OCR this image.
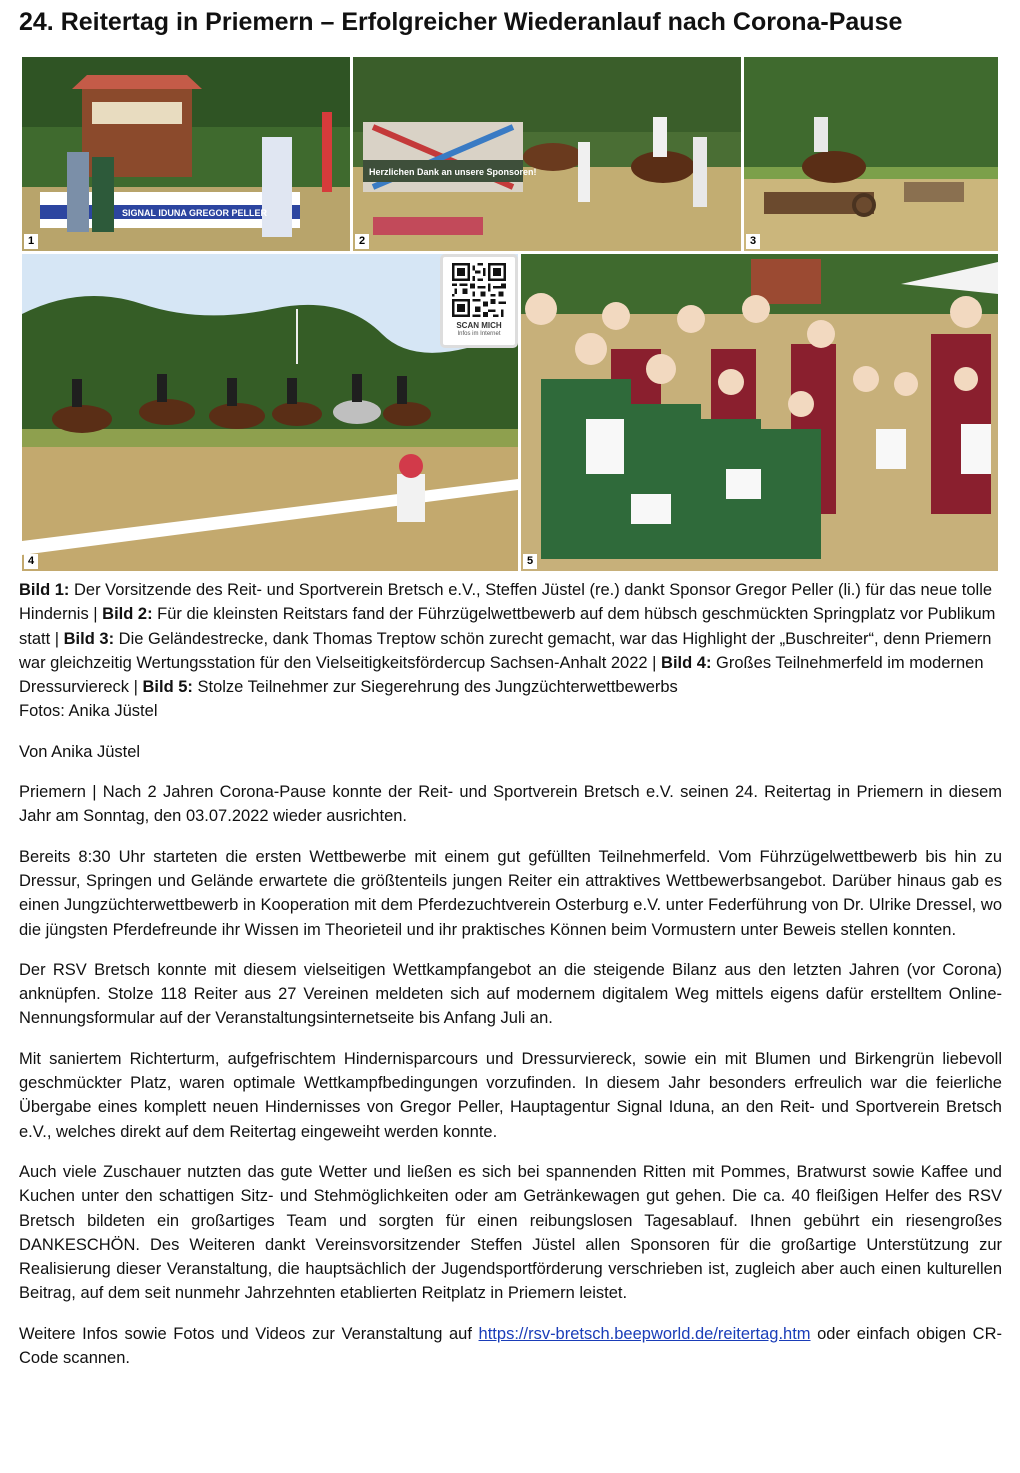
24. Reitertag in Priemern – Erfolgreicher Wiederanlauf nach Corona-Pause
SIGNAL IDUNA GREGOR PELLER
1
Herzlichen Dank an unsere Sponsoren!
2	3
4	5
SCAN MICH
Infos im Internet

Bild 1: Der Vorsitzende des Reit- und Sportverein Bretsch e.V., Steffen Jüstel (re.) dankt Sponsor Gregor Peller (li.) für das neue tolle Hindernis | Bild 2: Für die kleinsten Reitstars fand der Führzügelwettbewerb auf dem hübsch geschmückten Springplatz vor Publikum statt | Bild 3: Die Geländestrecke, dank Thomas Treptow schön zurecht gemacht, war das Highlight der „Buschreiter“, denn Priemern war gleichzeitig Wertungsstation für den Vielseitigkeitsfördercup Sachsen-Anhalt 2022 | Bild 4: Großes Teilnehmerfeld im modernen Dressurviereck | Bild 5: Stolze Teilnehmer zur Siegerehrung des Jungzüchterwettbewerbs
Fotos: Anika Jüstel

Von Anika Jüstel

Priemern | Nach 2 Jahren Corona-Pause konnte der Reit- und Sportverein Bretsch e.V. seinen 24. Reitertag in Priemern in diesem Jahr am Sonntag, den 03.07.2022 wieder ausrichten.

Bereits 8:30 Uhr starteten die ersten Wettbewerbe mit einem gut gefüllten Teilnehmerfeld. Vom Führzügelwettbewerb bis hin zu Dressur, Springen und Gelände erwartete die größtenteils jungen Reiter ein attraktives Wettbewerbsangebot. Darüber hinaus gab es einen Jungzüchterwettbewerb in Kooperation mit dem Pferdezuchtverein Osterburg e.V. unter Federführung von Dr. Ulrike Dressel, wo die jüngsten Pferdefreunde ihr Wissen im Theorieteil und ihr praktisches Können beim Vormustern unter Beweis stellen konnten.

Der RSV Bretsch konnte mit diesem vielseitigen Wettkampfangebot an die steigende Bilanz aus den letzten Jahren (vor Corona) anknüpfen. Stolze 118 Reiter aus 27 Vereinen meldeten sich auf modernem digitalem Weg mittels eigens dafür erstelltem Online-Nennungsformular auf der Veranstaltungsinternetseite bis Anfang Juli an.

Mit saniertem Richterturm, aufgefrischtem Hindernisparcours und Dressurviereck, sowie ein mit Blumen und Birkengrün liebevoll geschmückter Platz, waren optimale Wettkampfbedingungen vorzufinden. In diesem Jahr besonders erfreulich war die feierliche Übergabe eines komplett neuen Hindernisses von Gregor Peller, Hauptagentur Signal Iduna, an den Reit- und Sportverein Bretsch e.V., welches direkt auf dem Reitertag eingeweiht werden konnte.

Auch viele Zuschauer nutzten das gute Wetter und ließen es sich bei spannenden Ritten mit Pommes, Bratwurst sowie Kaffee und Kuchen unter den schattigen Sitz- und Stehmöglichkeiten oder am Getränkewagen gut gehen. Die ca. 40 fleißigen Helfer des RSV Bretsch bildeten ein großartiges Team und sorgten für einen reibungslosen Tagesablauf. Ihnen gebührt ein riesengroßes DANKESCHÖN. Des Weiteren dankt Vereinsvorsitzender Steffen Jüstel allen Sponsoren für die großartige Unterstützung zur Realisierung dieser Veranstaltung, die hauptsächlich der Jugendsportförderung verschrieben ist, zugleich aber auch einen kulturellen Beitrag, auf dem seit nunmehr Jahrzehnten etablierten Reitplatz in Priemern leistet.

Weitere Infos sowie Fotos und Videos zur Veranstaltung auf https://rsv-bretsch.beepworld.de/reitertag.htm oder einfach obigen CR-Code scannen.
